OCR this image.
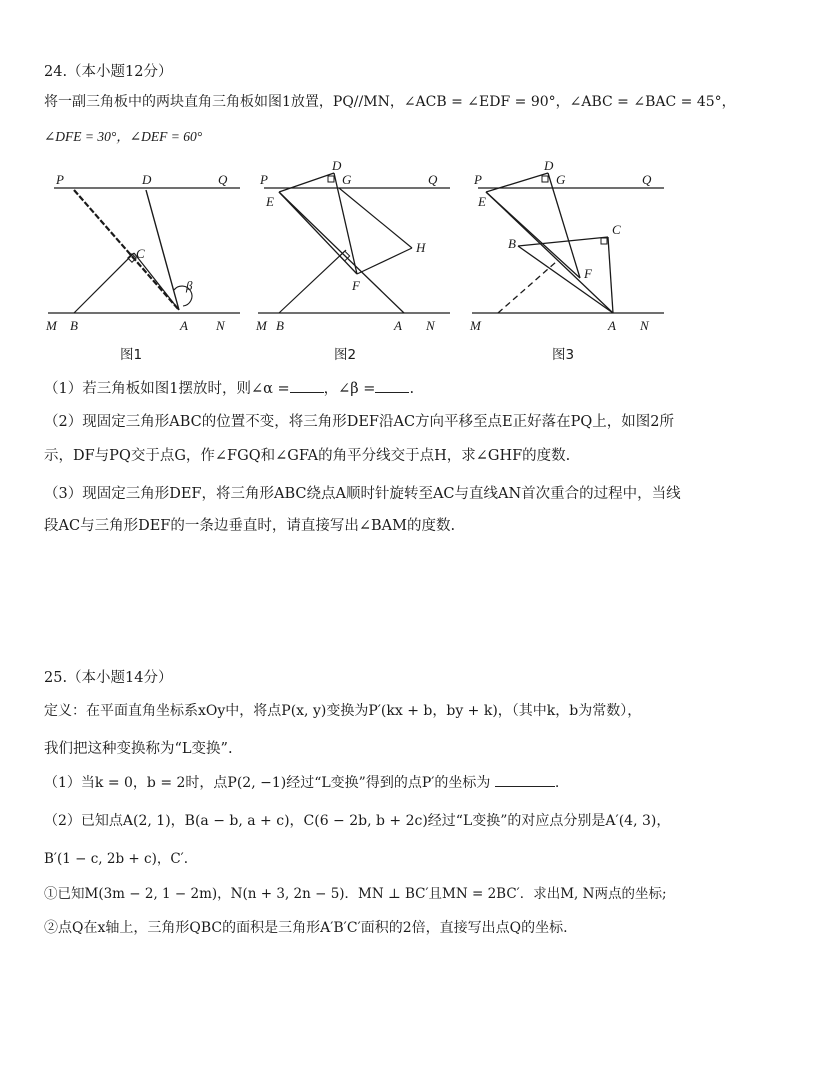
24.（本小题12分）
将一副三角板中的两块直角三角板如图1放置，PQ//MN，∠ACB = ∠EDF = 90°，∠ABC = ∠BAC = 45°，
∠DFE = 30°，∠DEF = 60°
P	D	Q
C
β
M B	A N
图1
P
D
G	Q
E
H
F
M B	A N
图2
P
D
G	Q
E
C
B
F
M	A N
图3
（1）若三角板如图1摆放时，则∠α = ，∠β = .
（2）现固定三角形ABC的位置不变，将三角形DEF沿AC方向平移至点E正好落在PQ上，如图2所
示，DF与PQ交于点G，作∠FGQ和∠GFA的角平分线交于点H，求∠GHF的度数.
（3）现固定三角形DEF，将三角形ABC绕点A顺时针旋转至AC与直线AN首次重合的过程中，当线
段AC与三角形DEF的一条边垂直时，请直接写出∠BAM的度数.
25.（本小题14分）
定义：在平面直角坐标系xOy中，将点P(x, y)变换为P′(kx + b，by + k)，（其中k，b为常数），
我们把这种变换称为“L变换”.
（1）当k = 0，b = 2时，点P(2, −1)经过“L变换”得到的点P′的坐标为	.
（2）已知点A(2, 1)，B(a − b, a + c)，C(6 − 2b, b + 2c)经过“L变换”的对应点分别是A′(4, 3)，
B′(1 − c, 2b + c)，C′.
①已知M(3m − 2, 1 − 2m)，N(n + 3, 2n − 5)．MN ⊥ BC′且MN = 2BC′．求出M, N两点的坐标;
②点Q在x轴上，三角形QBC的面积是三角形A′B′C′面积的2倍，直接写出点Q的坐标.
